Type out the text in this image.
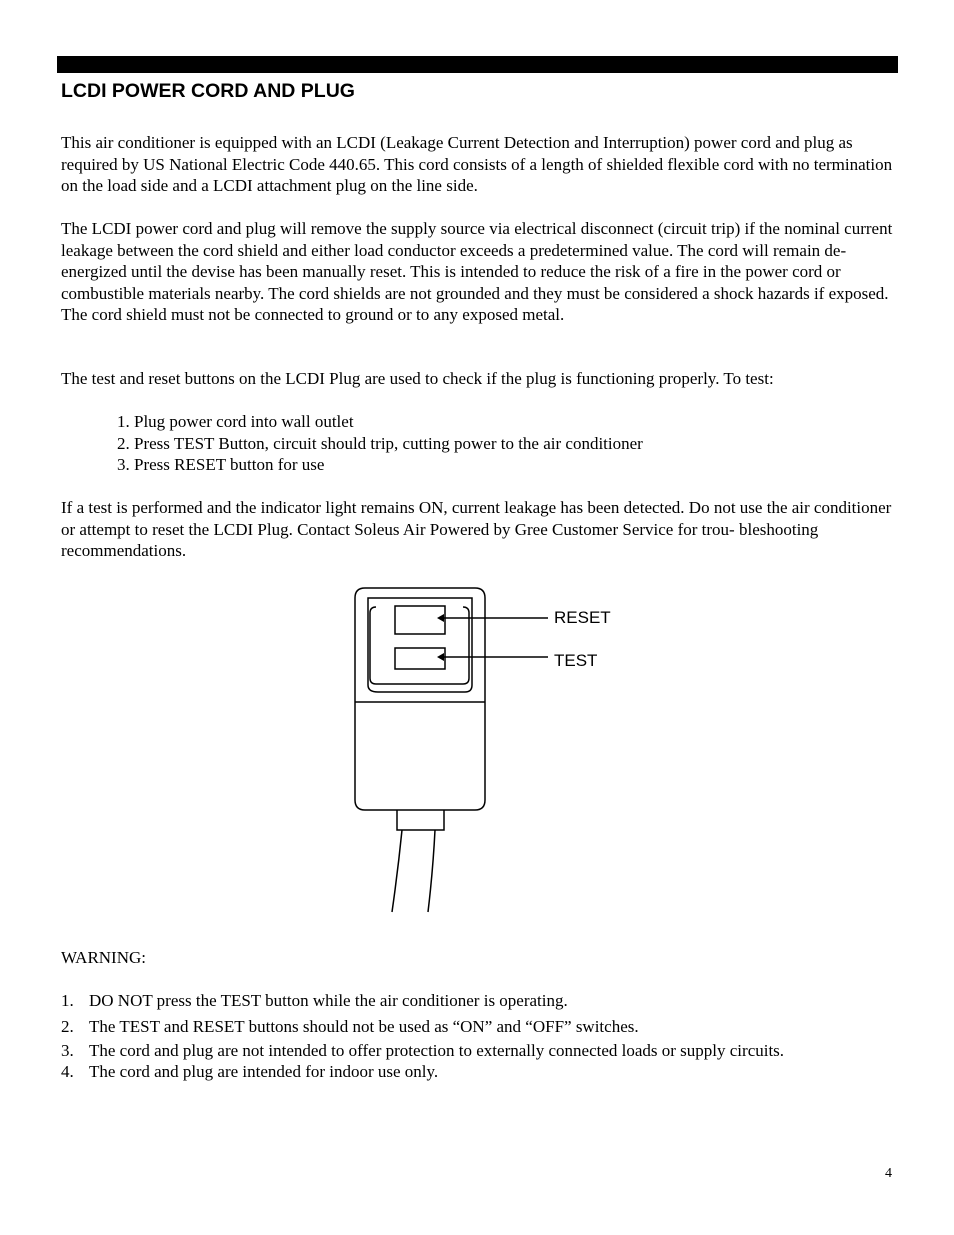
LCDI POWER CORD AND PLUG

This air conditioner is equipped with an LCDI (Leakage Current Detection and Interruption) power cord and plug as required by US National Electric Code 440.65. This cord consists of a length of shielded flexible cord with no termination on the load side and a LCDI attachment plug on the line side.

The LCDI power cord and plug will remove the supply source via electrical disconnect (circuit trip) if the nominal current leakage between the cord shield and either load conductor exceeds a predetermined value. The cord will remain de-energized until the devise has been manually reset. This is intended to reduce the risk of a fire in the power cord or combustible materials nearby. The cord shields are not grounded and they must be considered a shock hazards if exposed. The cord shield must not be connected to ground or to any exposed metal.

The test and reset buttons on the LCDI Plug are used to check if the plug is functioning properly. To test:

1. Plug power cord into wall outlet
2. Press TEST Button, circuit should trip, cutting power to the air conditioner
3. Press RESET button for use

If a test is performed and the indicator light remains ON, current leakage has been detected. Do not use the air conditioner or attempt to reset the LCDI Plug. Contact Soleus Air Powered by Gree Customer Service for trou- bleshooting recommendations.

RESET
TEST

WARNING:

1. DO NOT press the TEST button while the air conditioner is operating.
2. The TEST and RESET buttons should not be used as “ON” and “OFF” switches.
3. The cord and plug are not intended to offer protection to externally connected loads or supply circuits.
4. The cord and plug are intended for indoor use only.
4
